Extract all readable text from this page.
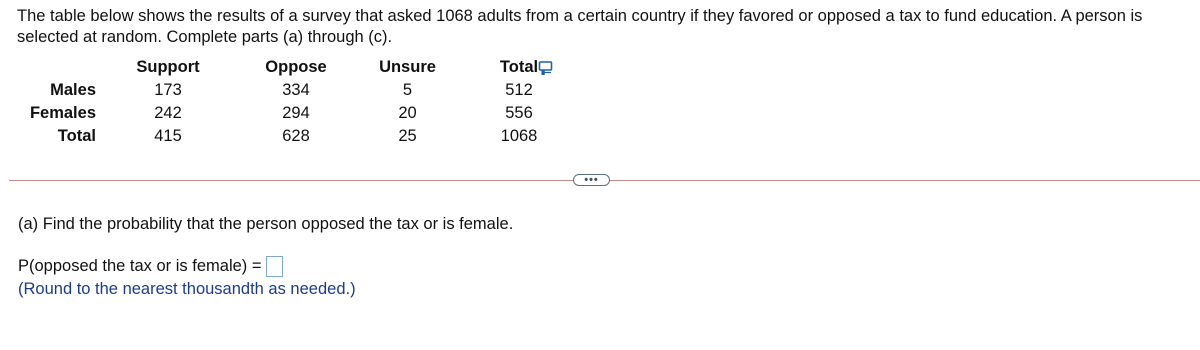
The table below shows the results of a survey that asked 1068 adults from a certain country if they favored or opposed a tax to fund education. A person is selected at random. Complete parts (a) through (c).

	Support	Oppose	Unsure	Total
Males	173	334	5	512
Females	242	294	20	556
Total	415	628	25	1068
•••

(a) Find the probability that the person opposed the tax or is female.

P(opposed the tax or is female) =
(Round to the nearest thousandth as needed.)
